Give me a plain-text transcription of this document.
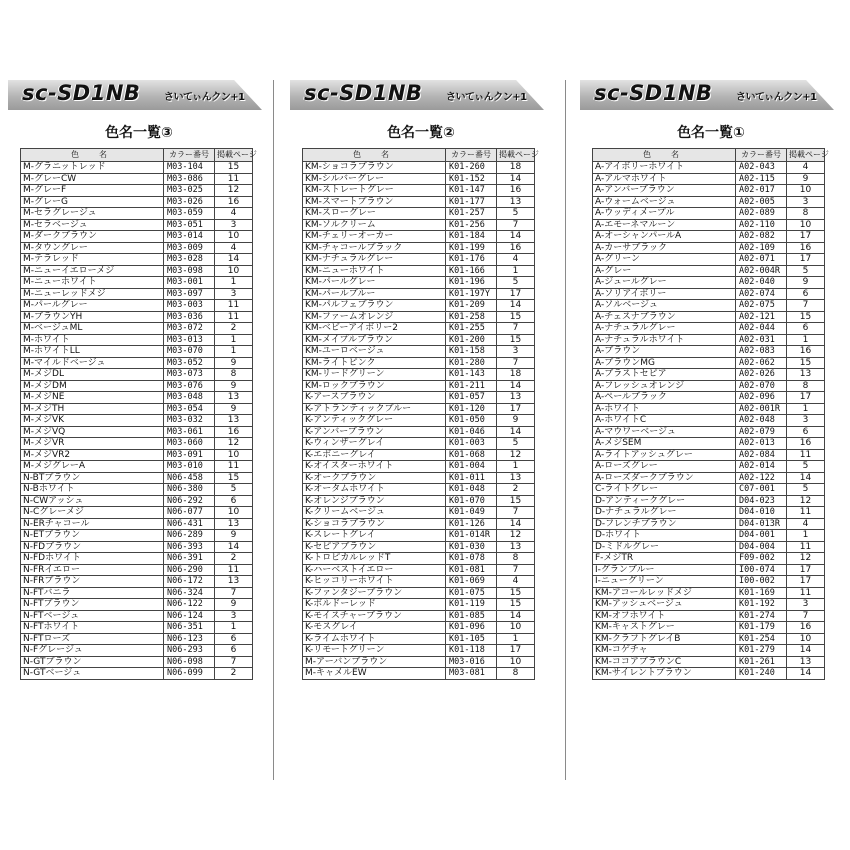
sc-SD1NB さいてぃんクン+1
色名一覧③
色　名	カラー番号	掲載ページ
M-グラニットレッド	M03-104	15
M-グレーCW	M03-086	11
M-グレーF	M03-025	12
M-グレーG	M03-026	16
M-セラグレージュ	M03-059	4
M-セラベージュ	M03-051	3
M-ダークブラウン	M03-014	10
M-タウングレー	M03-009	4
M-テラレッド	M03-028	14
M-ニューイエローメジ	M03-098	10
M-ニューホワイト	M03-001	1
M-ニューレッドメジ	M03-097	3
M-パールグレー	M03-003	11
M-ブラウンYH	M03-036	11
M-ベージュML	M03-072	2
M-ホワイト	M03-013	1
M-ホワイトLL	M03-070	1
M-マイルドベージュ	M03-052	9
M-メジDL	M03-073	8
M-メジDM	M03-076	9
M-メジNE	M03-048	13
M-メジTH	M03-054	9
M-メジVK	M03-032	13
M-メジVQ	M03-061	16
M-メジVR	M03-060	12
M-メジVR2	M03-091	10
M-メジグレーA	M03-010	11
N-BTブラウン	N06-458	15
N-Bホワイト	N06-380	5
N-CWアッシュ	N06-292	6
N-Cグレーメジ	N06-077	10
N-ERチャコール	N06-431	13
N-ETブラウン	N06-289	9
N-FDブラウン	N06-393	14
N-FDホワイト	N06-391	2
N-FRイエロー	N06-290	11
N-FRブラウン	N06-172	13
N-FTバニラ	N06-324	7
N-FTブラウン	N06-122	9
N-FTベージュ	N06-124	3
N-FTホワイト	N06-351	1
N-FTローズ	N06-123	6
N-Fグレージュ	N06-293	6
N-GTブラウン	N06-098	7
N-GTベージュ	N06-099	2
sc-SD1NB さいてぃんクン+1
色名一覧②
色　名	カラー番号	掲載ページ
KM-ショコラブラウン	K01-260	18
KM-シルバーグレー	K01-152	14
KM-ストレートグレー	K01-147	16
KM-スマートブラウン	K01-177	13
KM-スローグレー	K01-257	5
KM-ソルクリーム	K01-256	7
KM-チェリーオーカー	K01-184	14
KM-チャコールブラック	K01-199	16
KM-ナチュラルグレー	K01-176	4
KM-ニューホワイト	K01-166	1
KM-パールグレー	K01-196	5
KM-パールブルー	K01-197Y	17
KM-パルフェブラウン	K01-209	14
KM-ファームオレンジ	K01-258	15
KM-ベビーアイボリー2	K01-255	7
KM-メイプルブラウン	K01-200	15
KM-ユーロベージュ	K01-158	3
KM-ライトピンク	K01-280	7
KM-リードグリーン	K01-143	18
KM-ロックブラウン	K01-211	14
K-アースブラウン	K01-057	13
K-アトランティックブルー	K01-120	17
K-アンティックグレー	K01-050	9
K-アンバーブラウン	K01-046	14
K-ウィンザーグレイ	K01-003	5
K-エボニーグレイ	K01-068	12
K-オイスターホワイト	K01-004	1
K-オークブラウン	K01-011	13
K-オータムホワイト	K01-048	2
K-オレンジブラウン	K01-070	15
K-クリームベージュ	K01-049	7
K-ショコラブラウン	K01-126	14
K-スレートグレイ	K01-014R	12
K-セピアブラウン	K01-030	13
K-トロピカルレッドT	K01-078	8
K-ハーベストイエロー	K01-081	7
K-ヒッコリーホワイト	K01-069	4
K-ファンタジーブラウン	K01-075	15
K-ボルドーレッド	K01-119	15
K-モイスチャーブラウン	K01-085	14
K-モスグレイ	K01-096	10
K-ライムホワイト	K01-105	1
K-リモートグリーン	K01-118	17
M-アーバンブラウン	M03-016	10
M-キャメルEW	M03-081	8
sc-SD1NB さいてぃんクン+1
色名一覧①
色　名	カラー番号	掲載ページ
A-アイボリーホワイト	A02-043	4
A-アルマホワイト	A02-115	9
A-アンバーブラウン	A02-017	10
A-ウォームベージュ	A02-005	3
A-ウッディメープル	A02-089	8
A-エモーネマルーン	A02-110	10
A-オーシャンパールA	A02-082	17
A-カーサブラック	A02-109	16
A-グリーン	A02-071	17
A-グレー	A02-004R	5
A-ジュールグレー	A02-040	9
A-ソリアイボリー	A02-074	6
A-ソルベージュ	A02-075	7
A-チェスナブラウン	A02-121	15
A-ナチュラルグレー	A02-044	6
A-ナチュラルホワイト	A02-031	1
A-ブラウン	A02-083	16
A-ブラウンMG	A02-062	15
A-ブラストセピア	A02-026	13
A-フレッシュオレンジ	A02-070	8
A-ペールブラック	A02-096	17
A-ホワイト	A02-001R	1
A-ホワイトC	A02-048	3
A-マウワーベージュ	A02-079	6
A-メジSEM	A02-013	16
A-ライトアッシュグレー	A02-084	11
A-ローズグレー	A02-014	5
A-ローズダークブラウン	A02-122	14
C-ライトグレー	C07-001	5
D-アンティークグレー	D04-023	12
D-ナチュラルグレー	D04-010	11
D-フレンチブラウン	D04-013R	4
D-ホワイト	D04-001	1
D-ミドルグレー	D04-004	11
F-メジTR	F09-002	12
I-グランブルー	I00-074	17
I-ニューグリーン	I00-002	17
KM-アコールレッドメジ	K01-169	11
KM-アッシュベージュ	K01-192	3
KM-オフホワイト	K01-274	7
KM-キャストグレー	K01-179	16
KM-クラフトグレイB	K01-254	10
KM-コゲチャ	K01-279	14
KM-ココアブラウンC	K01-261	13
KM-サイレントブラウン	K01-240	14
